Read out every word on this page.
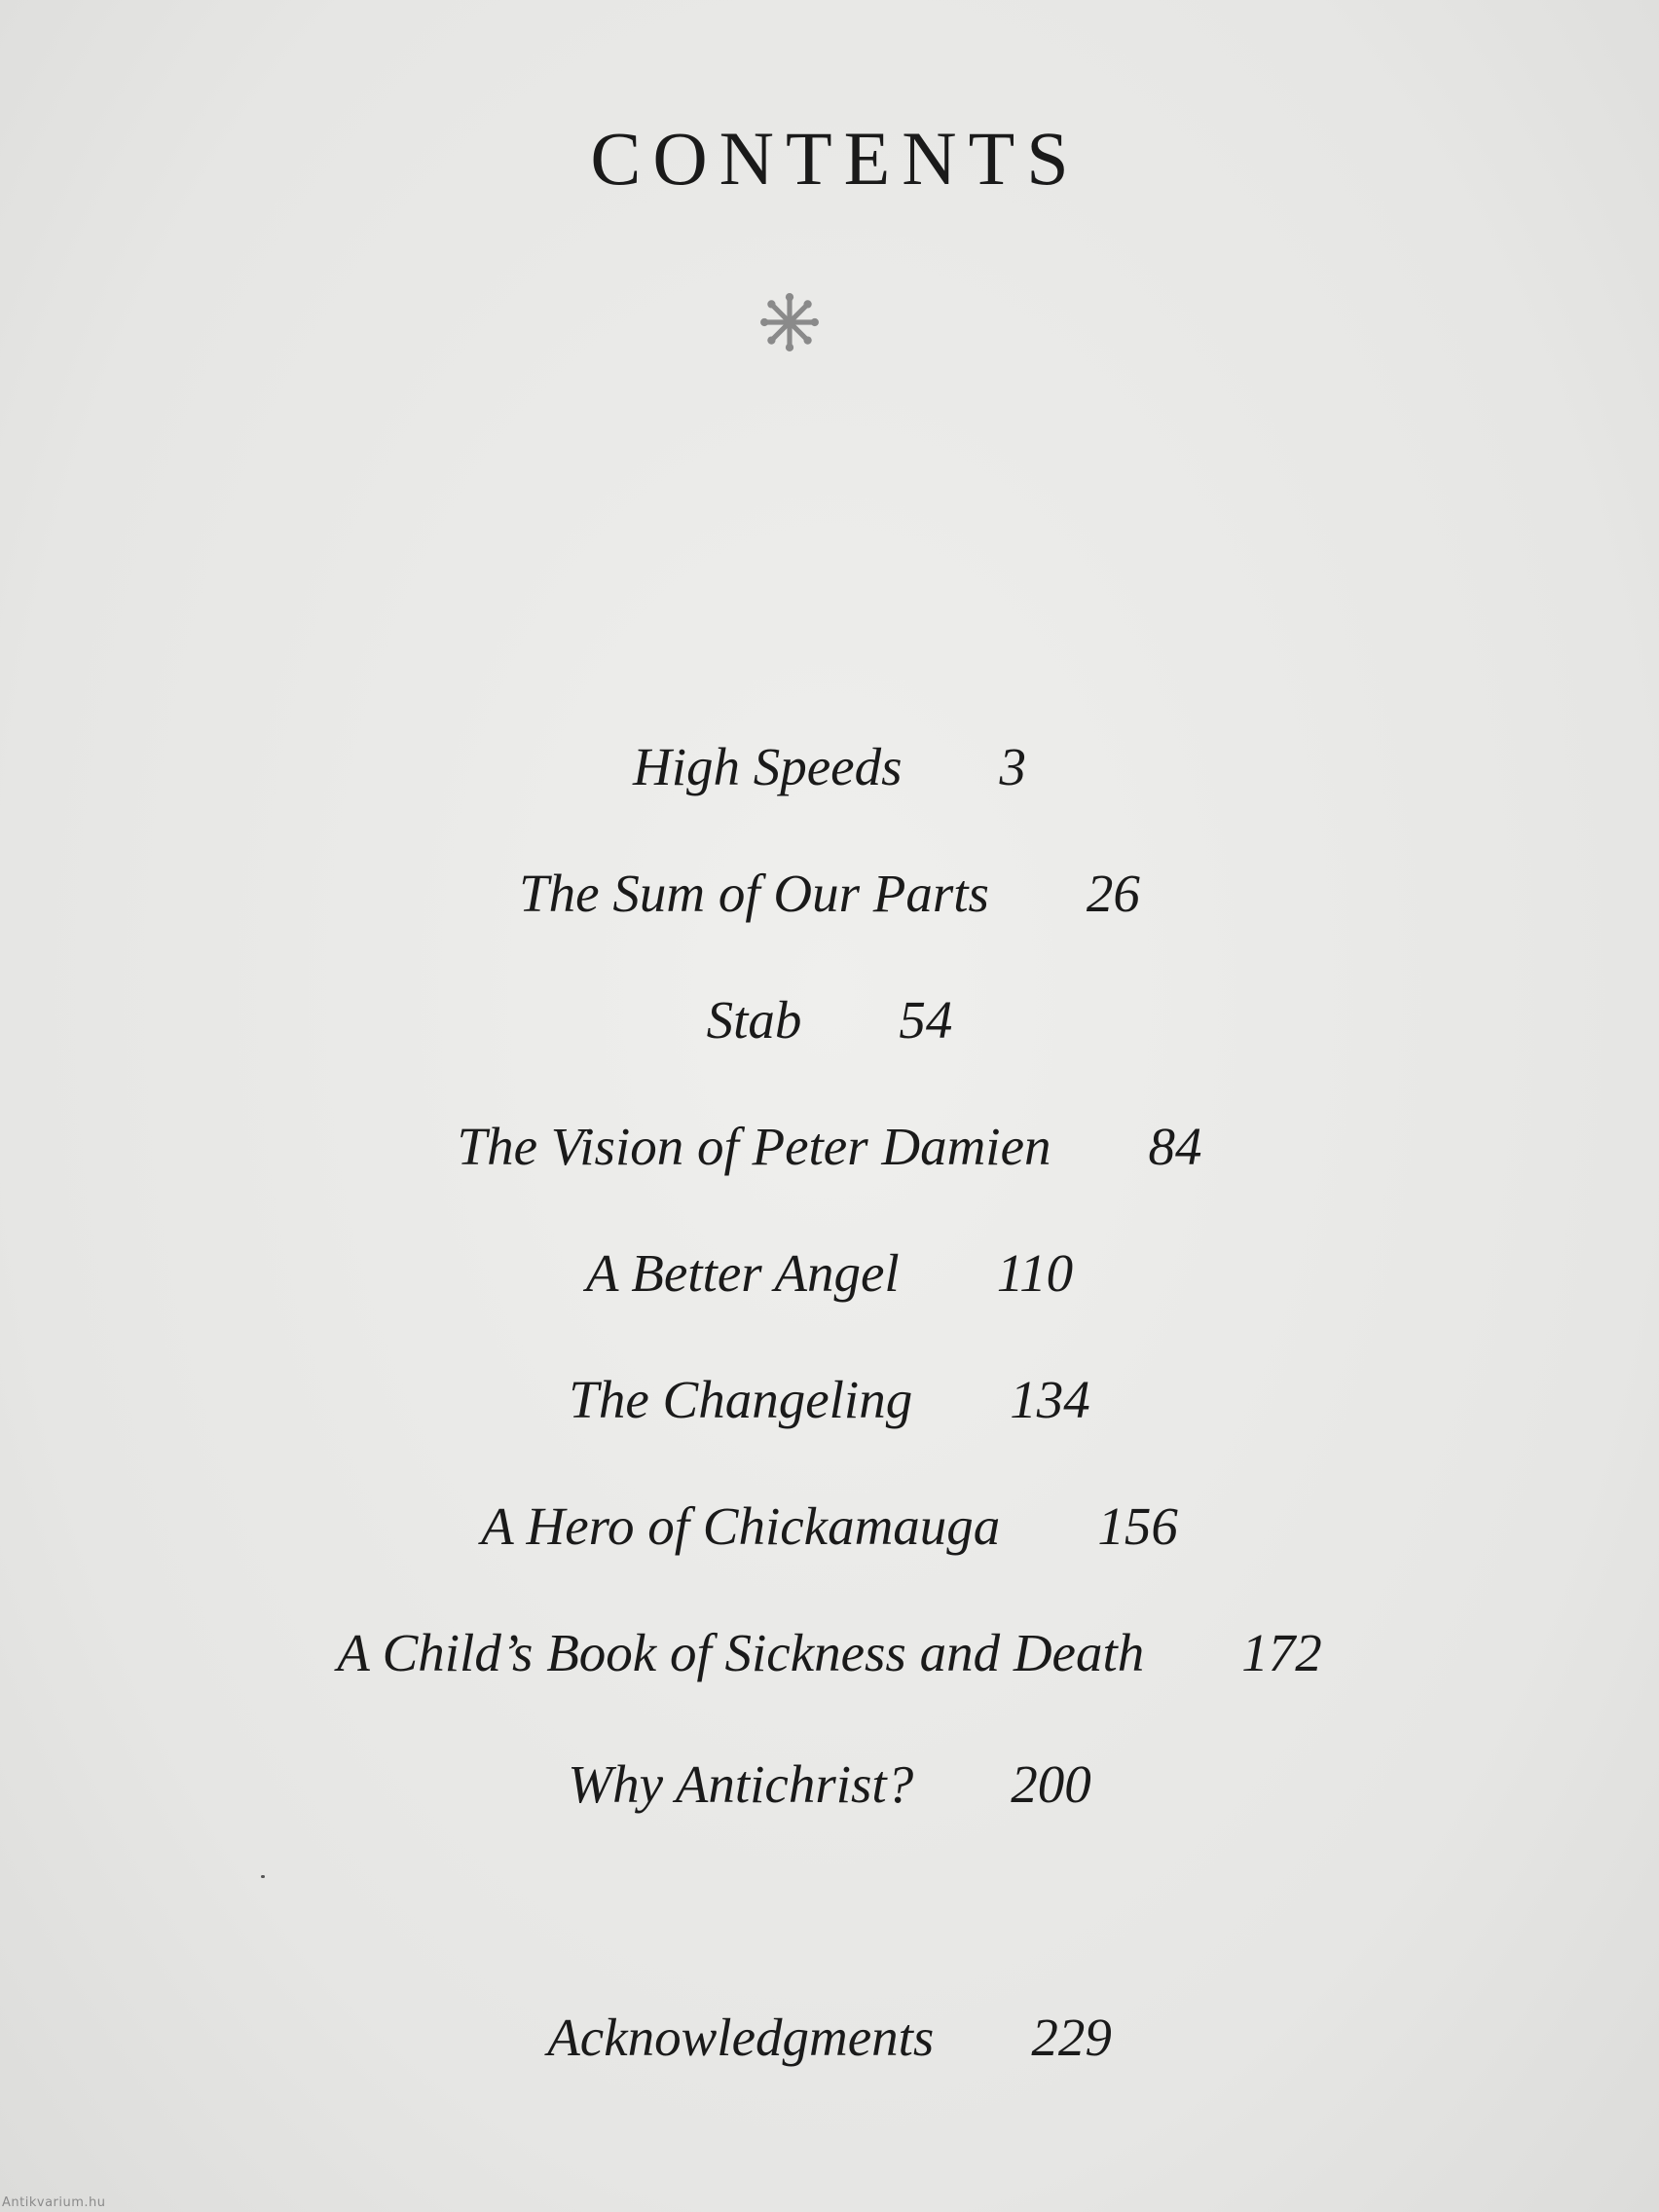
CONTENTS
High Speeds 3
The Sum of Our Parts 26
Stab 54
The Vision of Peter Damien 84
A Better Angel 110
The Changeling 134
A Hero of Chickamauga 156
A Child’s Book of Sickness and Death 172
Why Antichrist? 200
Acknowledgments 229
Antikvarium.hu
